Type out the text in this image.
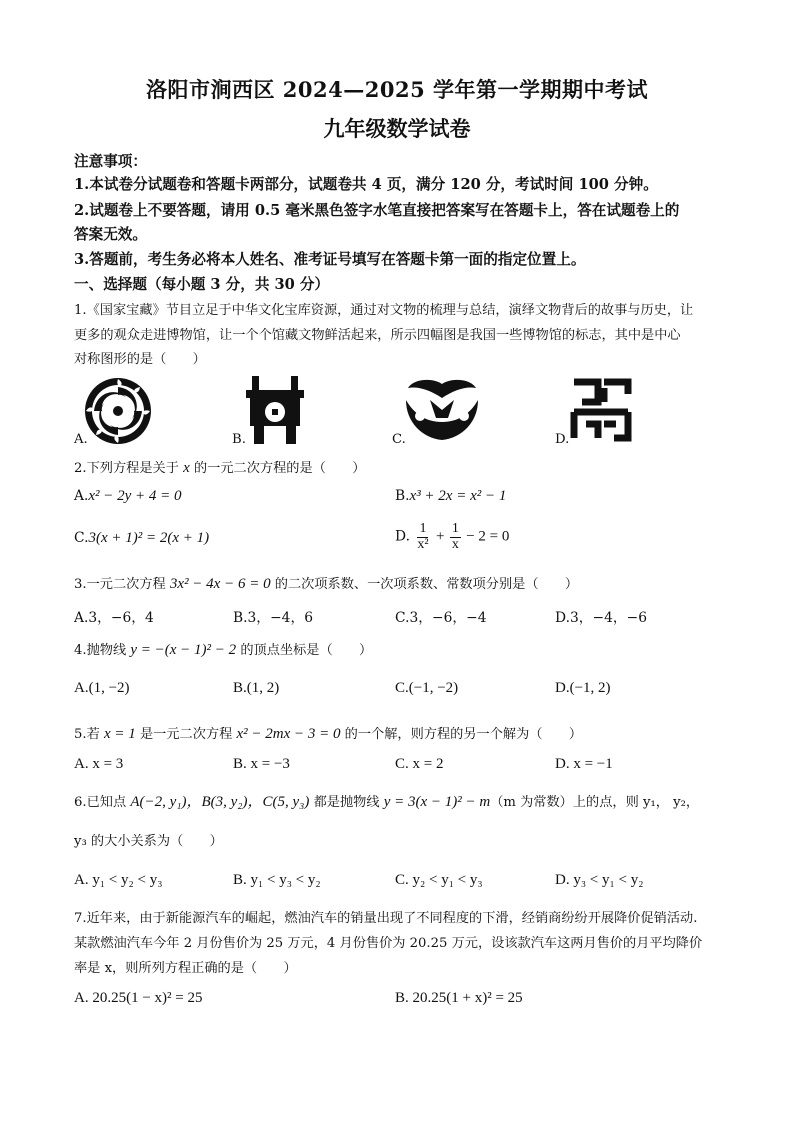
洛阳市涧西区 2024—2025 学年第一学期期中考试
九年级数学试卷
注意事项：
1.本试卷分试题卷和答题卡两部分，试题卷共 4 页，满分 120 分，考试时间 100 分钟。
2.试题卷上不要答题，请用 0.5 毫米黑色签字水笔直接把答案写在答题卡上，答在试题卷上的
答案无效。
3.答题前，考生务必将本人姓名、准考证号填写在答题卡第一面的指定位置上。
一、选择题（每小题 3 分，共 30 分）
1.《国家宝藏》节目立足于中华文化宝库资源，通过对文物的梳理与总结，演绎文物背后的故事与历史，让
更多的观众走进博物馆，让一个个馆藏文物鲜活起来，所示四幅图是我国一些博物馆的标志，其中是中心
对称图形的是（　　）
A.	B.	C.	D.
2.下列方程是关于 x 的一元二次方程的是（　　）
A.x² − 2y + 4 = 0	B.x³ + 2x = x² − 1
C.3(x + 1)² = 2(x + 1)	D. $\frac{1}{\text{x²}} + \frac{1}{x} - 2 = 0$
3.一元二次方程 3x² − 4x − 6 = 0 的二次项系数、一次项系数、常数项分别是（　　）
A.3，−6，4	B.3，−4，6	C.3，−6，−4	D.3，−4，−6
4.抛物线 y = −(x − 1)² − 2 的顶点坐标是（　　）
A.(1, −2)	B.(1, 2)	C.(−1, −2)	D.(−1, 2)
5.若 x = 1 是一元二次方程 x² − 2mx − 3 = 0 的一个解，则方程的另一个解为（　　）
A. x = 3	B. x = −3	C. x = 2	D. x = −1
6.已知点 A(−2, y₁)，B(3, y₂)，C(5, y₃) 都是抛物线 y = 3(x − 1)² − m（m 为常数）上的点，则 y₁， y₂，
y₃ 的大小关系为（　　）
A. y₁ < y₂ < y₃	B. y₁ < y₃ < y₂	C. y₂ < y₁ < y₃	D. y₃ < y₁ < y₂
7.近年来，由于新能源汽车的崛起，燃油汽车的销量出现了不同程度的下滑，经销商纷纷开展降价促销活动.
某款燃油汽车今年 2 月份售价为 25 万元，4 月份售价为 20.25 万元，设该款汽车这两月售价的月平均降价
率是 x，则所列方程正确的是（　　）
A. 20.25(1 − x)² = 25	B. 20.25(1 + x)² = 25
